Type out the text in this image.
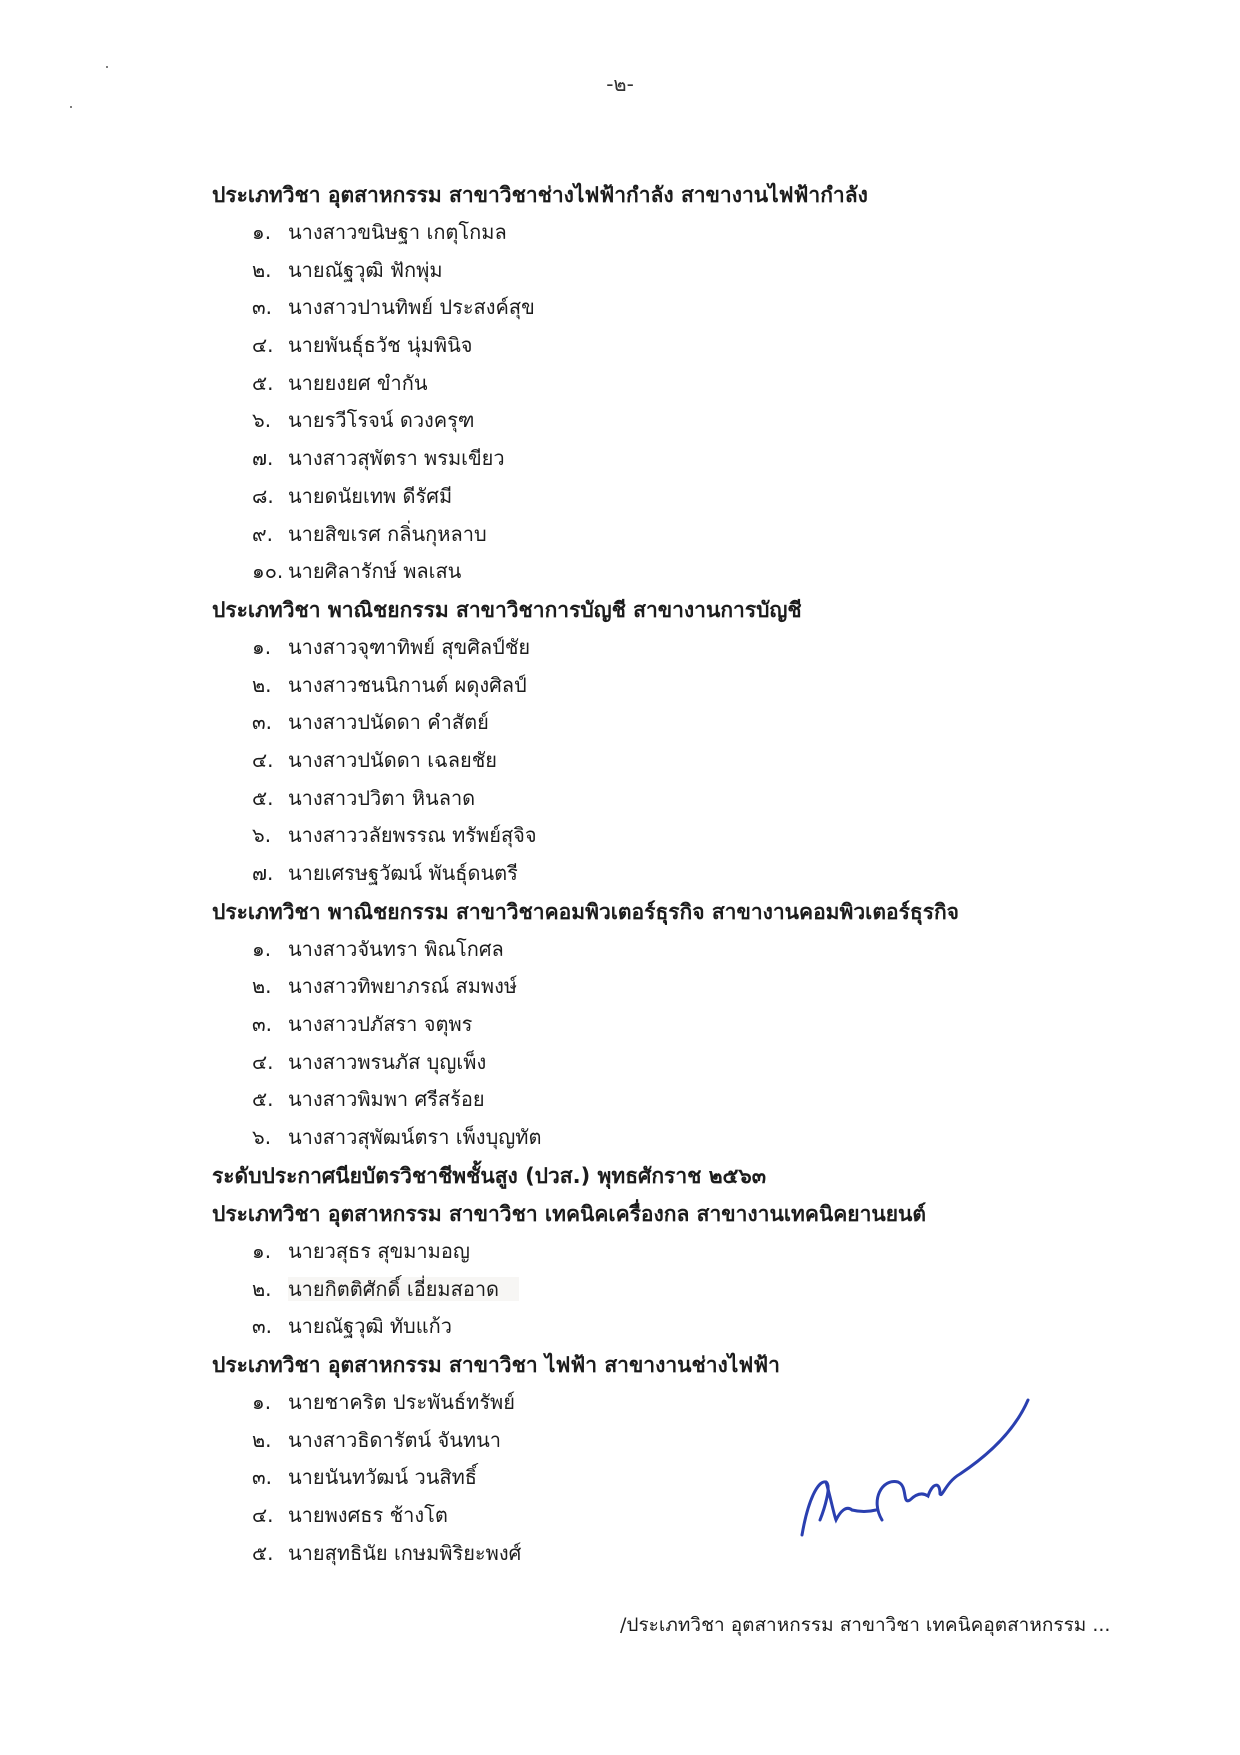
-๒-
ประเภทวิชา อุตสาหกรรม สาขาวิชาช่างไฟฟ้ากำลัง สาขางานไฟฟ้ากำลัง
๑. นางสาวขนิษฐา เกตุโกมล
๒. นายณัฐวุฒิ ฟักพุ่ม
๓. นางสาวปานทิพย์ ประสงค์สุข
๔. นายพันธุ์ธวัช นุ่มพินิจ
๕. นายยงยศ ขำกัน
๖. นายรวีโรจน์ ดวงครุฑ
๗. นางสาวสุพัตรา พรมเขียว
๘. นายดนัยเทพ ดีรัศมี
๙. นายสิขเรศ กลิ่นกุหลาบ
๑๐. นายศิลารักษ์ พลเสน
ประเภทวิชา พาณิชยกรรม สาขาวิชาการบัญชี สาขางานการบัญชี
๑. นางสาวจุฑาทิพย์ สุขศิลป์ชัย
๒. นางสาวชนนิกานต์ ผดุงศิลป์
๓. นางสาวปนัดดา คำสัตย์
๔. นางสาวปนัดดา เฉลยชัย
๕. นางสาวปวิตา หินลาด
๖. นางสาววลัยพรรณ ทรัพย์สุจิจ
๗. นายเศรษฐวัฒน์ พันธุ์ดนตรี
ประเภทวิชา พาณิชยกรรม สาขาวิชาคอมพิวเตอร์ธุรกิจ สาขางานคอมพิวเตอร์ธุรกิจ
๑. นางสาวจันทรา พิณโกศล
๒. นางสาวทิพยาภรณ์ สมพงษ์
๓. นางสาวปภัสรา จตุพร
๔. นางสาวพรนภัส บุญเพ็ง
๕. นางสาวพิมพา ศรีสร้อย
๖. นางสาวสุพัฒน์ตรา เพ็งบุญทัต
ระดับประกาศนียบัตรวิชาชีพชั้นสูง (ปวส.) พุทธศักราช ๒๕๖๓
ประเภทวิชา อุตสาหกรรม สาขาวิชา เทคนิคเครื่องกล สาขางานเทคนิคยานยนต์
๑. นายวสุธร สุขมามอญ
๒. นายกิตติศักดิ์ เอี่ยมสอาด
๓. นายณัฐวุฒิ ทับแก้ว
ประเภทวิชา อุตสาหกรรม สาขาวิชา ไฟฟ้า สาขางานช่างไฟฟ้า
๑. นายชาคริต ประพันธ์ทรัพย์
๒. นางสาวธิดารัตน์ จันทนา
๓. นายนันทวัฒน์ วนสิทธิ์
๔. นายพงศธร ช้างโต
๕. นายสุทธินัย เกษมพิริยะพงศ์
/ประเภทวิชา อุตสาหกรรม สาขาวิชา เทคนิคอุตสาหกรรม ...
